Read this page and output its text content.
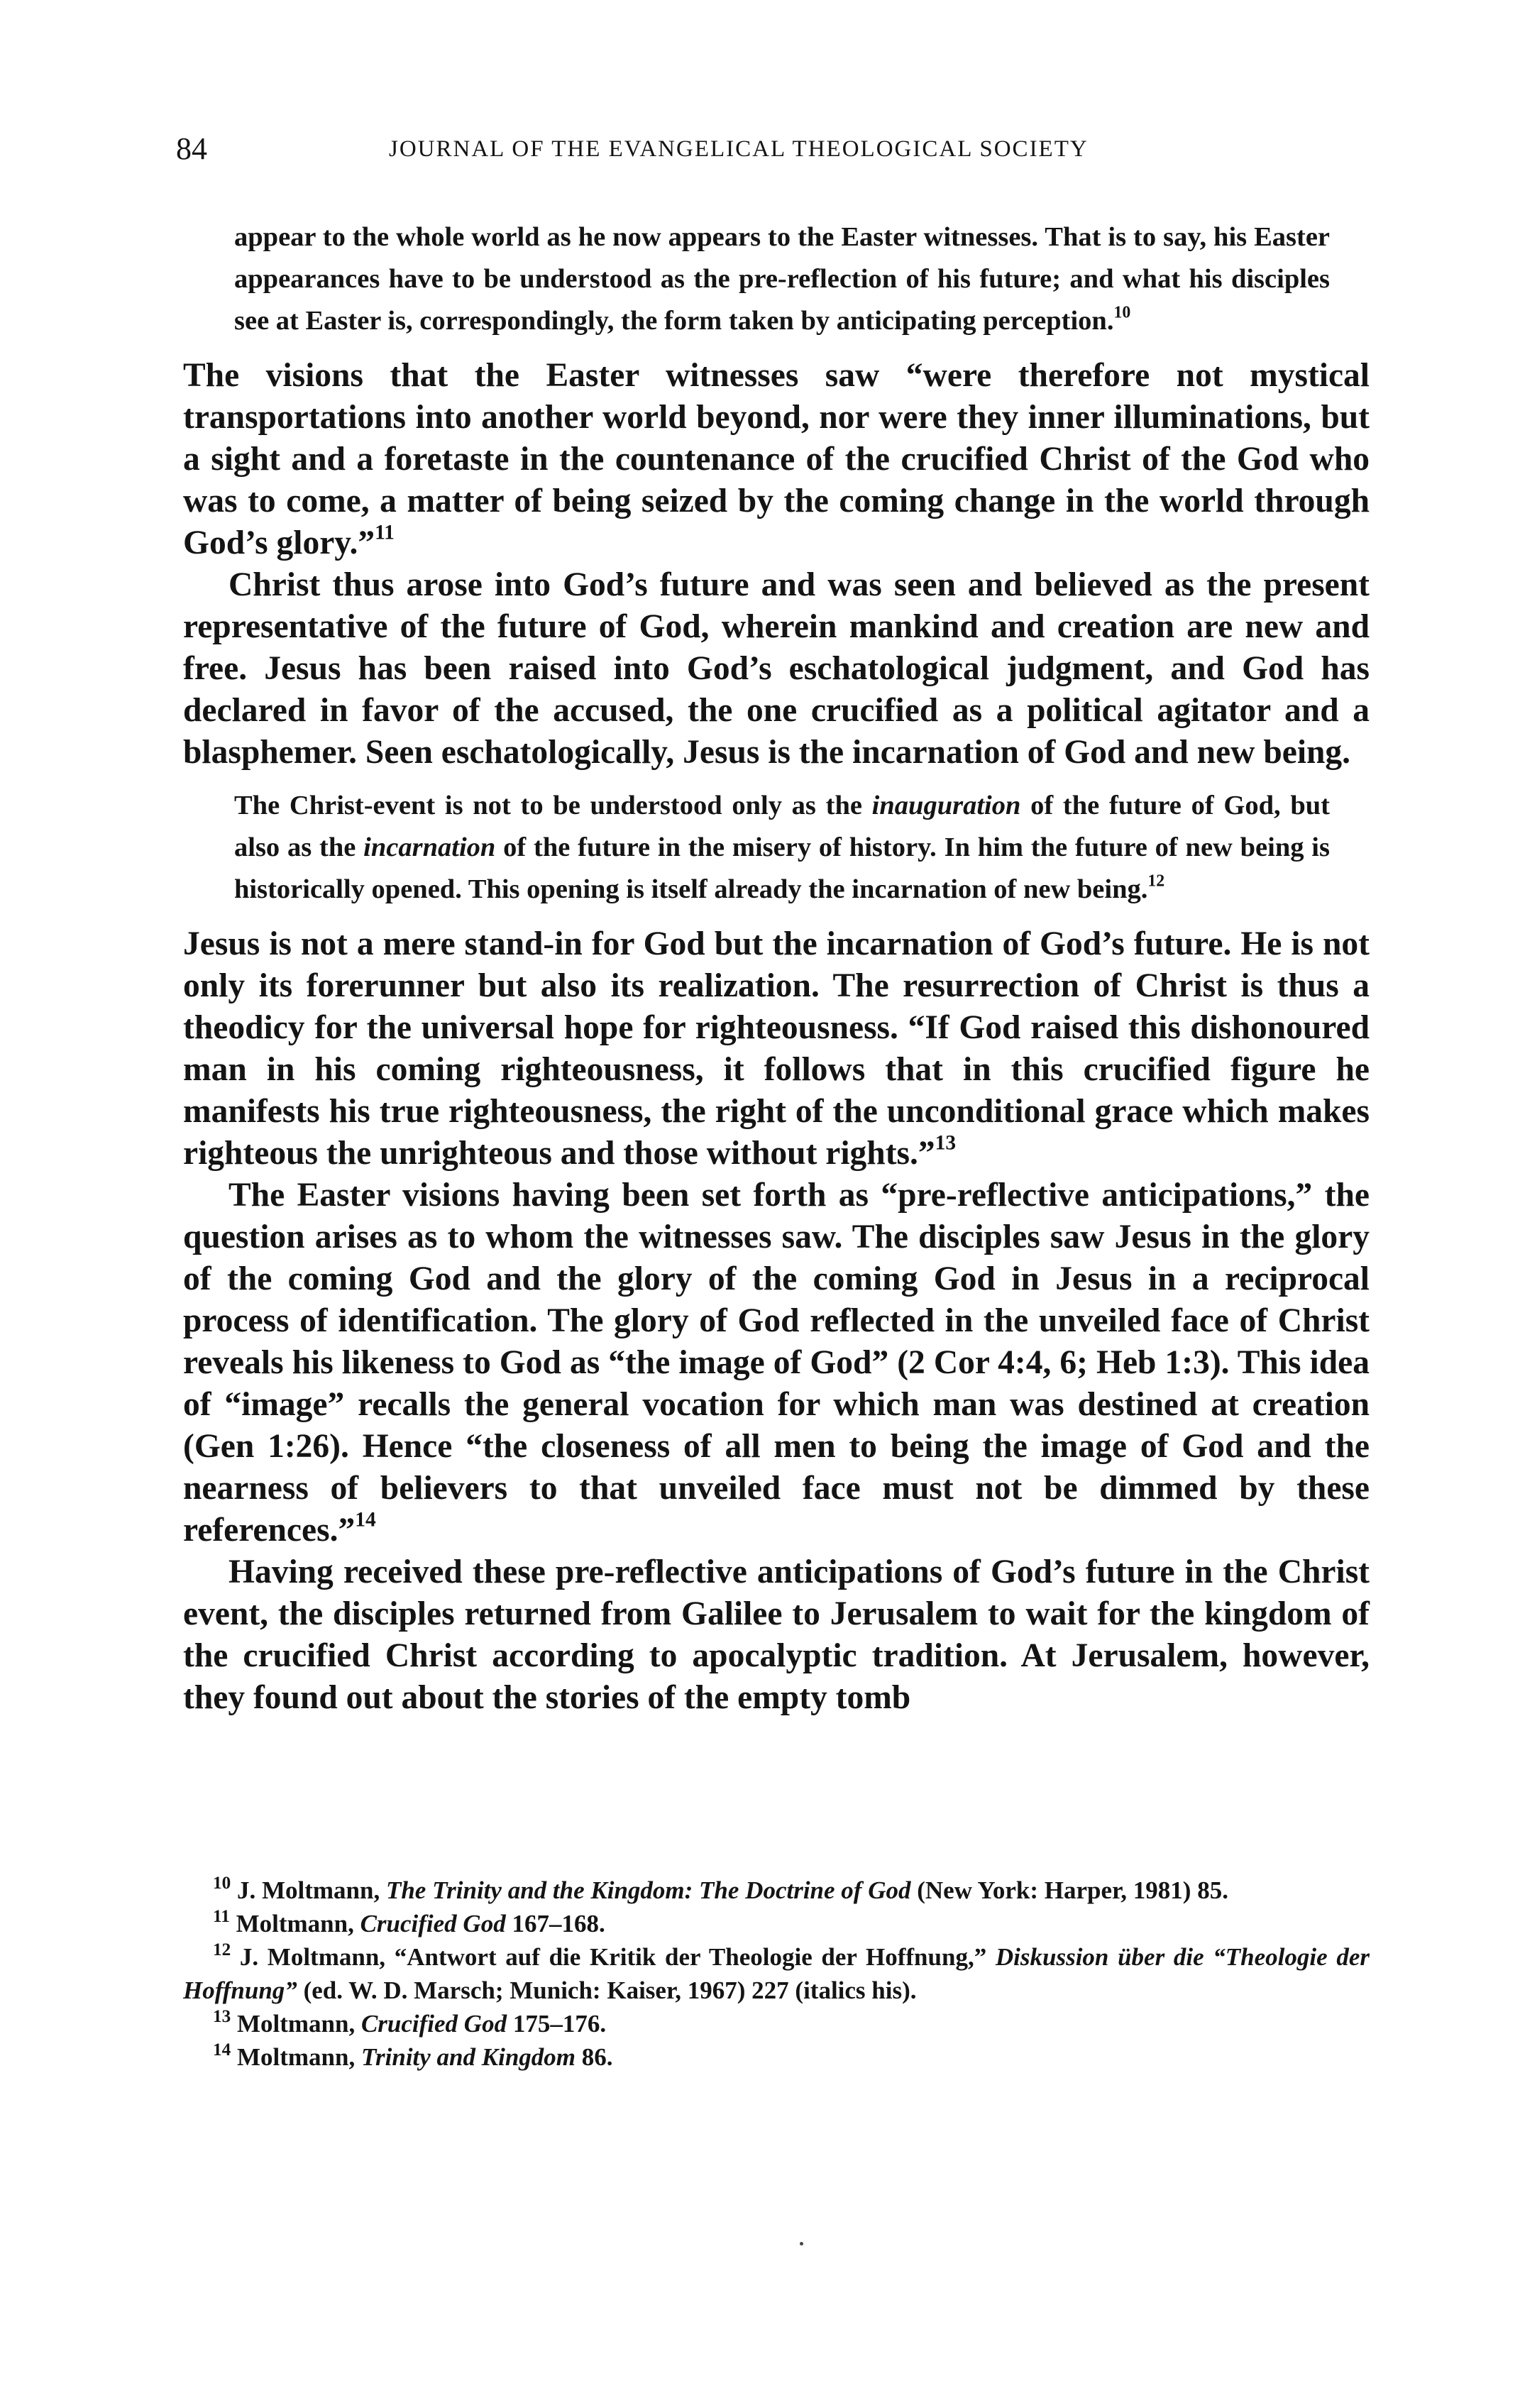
84	JOURNAL OF THE EVANGELICAL THEOLOGICAL SOCIETY

appear to the whole world as he now appears to the Easter witnesses. That is to say, his Easter appearances have to be understood as the pre-reflection of his future; and what his disciples see at Easter is, correspondingly, the form taken by anticipating perception.$^{10}$

The visions that the Easter witnesses saw “were therefore not mystical transportations into another world beyond, nor were they inner illuminations, but a sight and a foretaste in the countenance of the crucified Christ of the God who was to come, a matter of being seized by the coming change in the world through God’s glory.”$^{11}$

Christ thus arose into God’s future and was seen and believed as the present representative of the future of God, wherein mankind and creation are new and free. Jesus has been raised into God’s eschatological judgment, and God has declared in favor of the accused, the one crucified as a political agitator and a blasphemer. Seen eschatologically, Jesus is the incarnation of God and new being.

The Christ-event is not to be understood only as the inauguration of the future of God, but also as the incarnation of the future in the misery of history. In him the future of new being is historically opened. This opening is itself already the incarnation of new being.$^{12}$

Jesus is not a mere stand-in for God but the incarnation of God’s future. He is not only its forerunner but also its realization. The resurrection of Christ is thus a theodicy for the universal hope for righteousness. “If God raised this dishonoured man in his coming righteousness, it follows that in this crucified figure he manifests his true righteousness, the right of the unconditional grace which makes righteous the unrighteous and those without rights.”$^{13}$

The Easter visions having been set forth as “pre-reflective anticipations,” the question arises as to whom the witnesses saw. The disciples saw Jesus in the glory of the coming God and the glory of the coming God in Jesus in a reciprocal process of identification. The glory of God reflected in the unveiled face of Christ reveals his likeness to God as “the image of God” (2 Cor 4:4, 6; Heb 1:3). This idea of “image” recalls the general vocation for which man was destined at creation (Gen 1:26). Hence “the closeness of all men to being the image of God and the nearness of believers to that unveiled face must not be dimmed by these references.”$^{14}$

Having received these pre-reflective anticipations of God’s future in the Christ event, the disciples returned from Galilee to Jerusalem to wait for the kingdom of the crucified Christ according to apocalyptic tradition. At Jerusalem, however, they found out about the stories of the empty tomb

$^{10}$ J. Moltmann, The Trinity and the Kingdom: The Doctrine of God (New York: Harper, 1981) 85.

$^{11}$ Moltmann, Crucified God 167–168.

$^{12}$ J. Moltmann, “Antwort auf die Kritik der Theologie der Hoffnung,” Diskussion über die “Theologie der Hoffnung” (ed. W. D. Marsch; Munich: Kaiser, 1967) 227 (italics his).

$^{13}$ Moltmann, Crucified God 175–176.

$^{14}$ Moltmann, Trinity and Kingdom 86.
